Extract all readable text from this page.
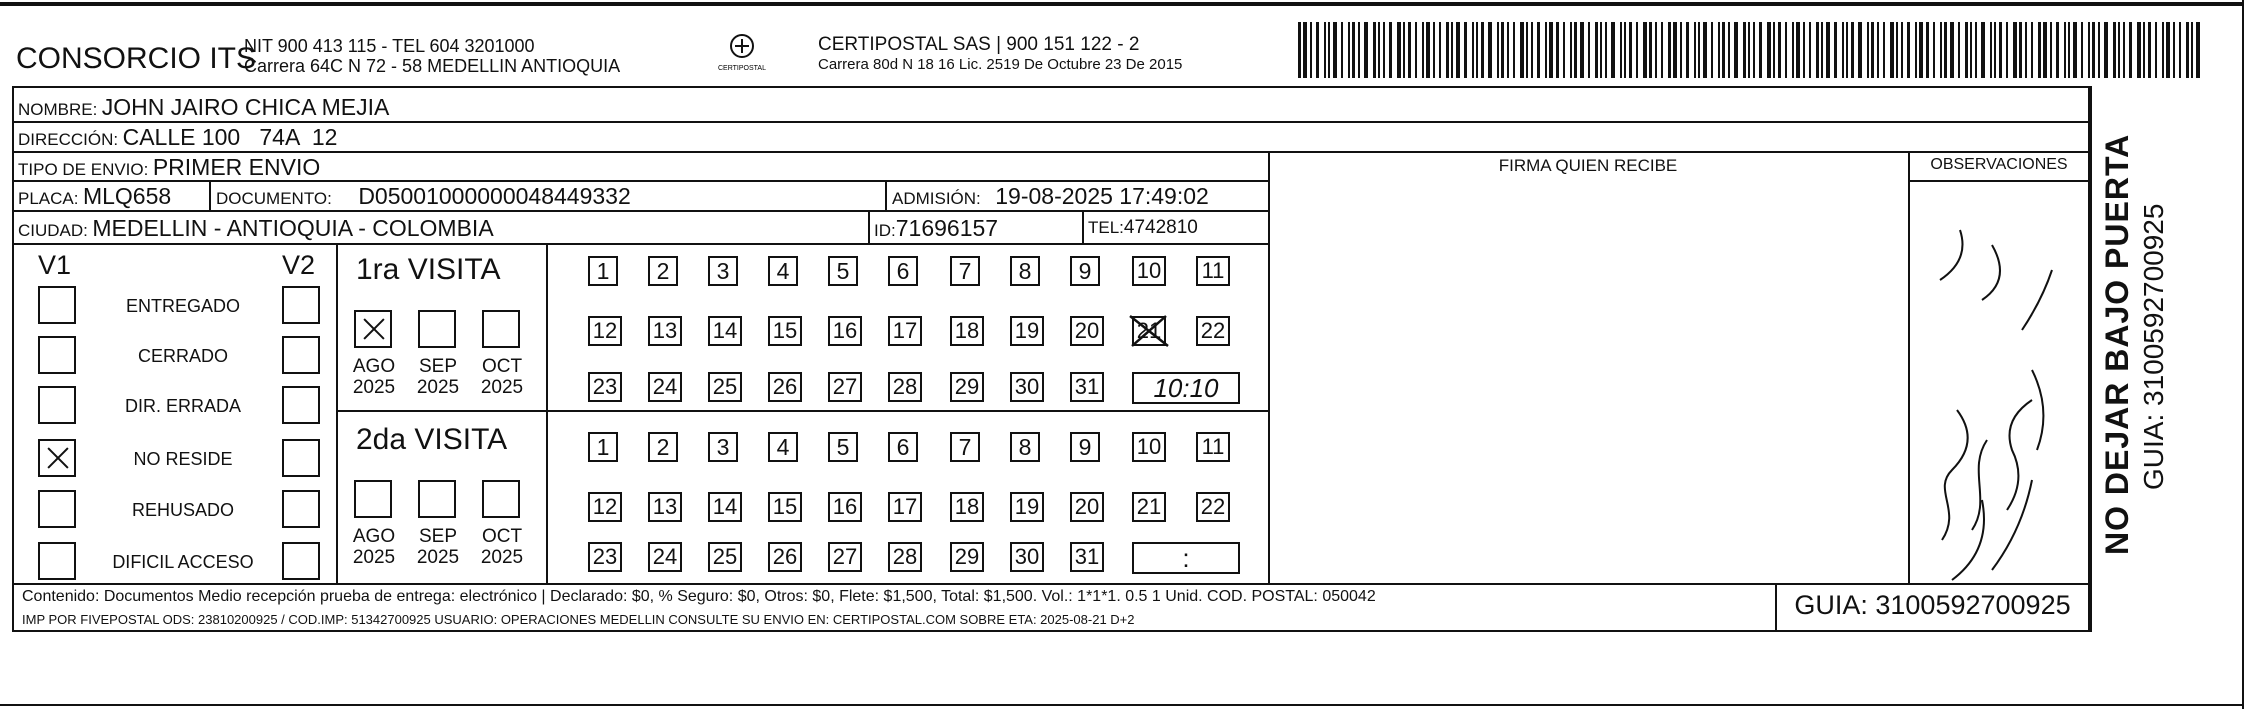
CONSORCIO ITS
NIT 900 413 115 - TEL 604 3201000
Carrera 64C N 72 - 58 MEDELLIN ANTIOQUIA	CERTIPOSTAL
CERTIPOSTAL SAS | 900 151 122 - 2
Carrera 80d N 18 16 Lic. 2519 De Octubre 23 De 2015
NOMBRE: JOHN JAIRO CHICA MEJIA
DIRECCIÓN: CALLE 100   74A  12
TIPO DE ENVIO: PRIMER ENVIO	FIRMA QUIEN RECIBE	OBSERVACIONES
PLACA: MLQ658	DOCUMENTO: D05001000000048449332	ADMISIÓN: 19-08-2025 17:49:02
CIUDAD: MEDELLIN - ANTIOQUIA - COLOMBIA	ID:71696157	TEL:4742810
V1	V2
ENTREGADO
CERRADO
DIR. ERRADA
NO RESIDE
REHUSADO
DIFICIL ACCESO
1ra VISITA
2da VISITA
AGO
2025
SEP
2025
OCT
2025
AGO
2025
SEP
2025
OCT
2025
1	2	3	4	5	6	7	8	9	10 11
12 13 14 15 16 17 18 19 20 21 22
23 24 25 26 27 28 29 30 31	10:10
1	2	3	4	5	6	7	8	9	10 11
12 13 14 15 16 17 18 19 20 21 22
23 24 25 26 27 28 29 30 31	:
Contenido: Documentos Medio recepción prueba de entrega: electrónico | Declarado: $0, % Seguro: $0, Otros: $0, Flete: $1,500, Total: $1,500. Vol.: 1*1*1. 0.5 1 Unid. COD. POSTAL: 050042
IMP POR FIVEPOSTAL ODS: 23810200925 / COD.IMP: 51342700925 USUARIO: OPERACIONES MEDELLIN CONSULTE SU ENVIO EN: CERTIPOSTAL.COM SOBRE ETA: 2025-08-21 D+2	GUIA: 3100592700925
NO DEJAR BAJO PUERTA GUIA: 3100592700925
